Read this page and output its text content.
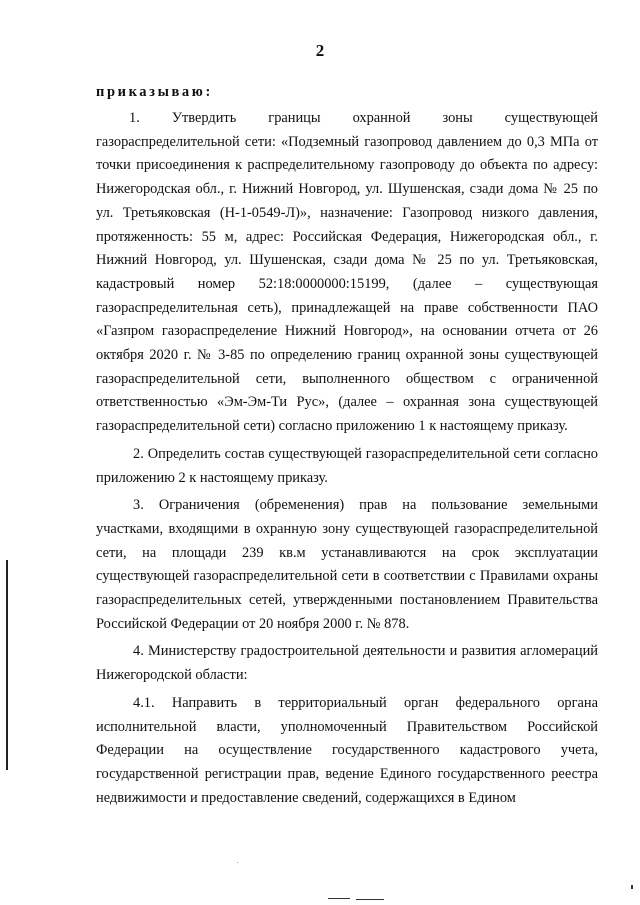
2
приказываю:

1. Утвердить границы охранной зоны существующей газораспределительной сети: «Подземный газопровод давлением до 0,3 МПа от точки присоединения к распределительному газопроводу до объекта по адресу: Нижегородская обл., г. Нижний Новгород, ул. Шушенская, сзади дома № 25 по ул. Третьяковская (Н-1-0549-Л)», назначение: Газопровод низкого давления, протяженность: 55 м, адрес: Российская Федерация, Нижегородская обл., г. Нижний Новгород, ул. Шушенская, сзади дома № 25 по ул. Третьяковская, кадастровый номер 52:18:0000000:15199, (далее – существующая газораспределительная сеть), принадлежащей на праве собственности ПАО «Газпром газораспределение Нижний Новгород», на основании отчета от 26 октября 2020 г. № 3-85 по определению границ охранной зоны существующей газораспределительной сети, выполненного обществом с ограниченной ответственностью «Эм-Эм-Ти Рус», (далее – охранная зона существующей газораспределительной сети) согласно приложению 1 к настоящему приказу.

2. Определить состав существующей газораспределительной сети согласно приложению 2 к настоящему приказу.

3. Ограничения (обременения) прав на пользование земельными участками, входящими в охранную зону существующей газораспределительной сети, на площади 239 кв.м устанавливаются на срок эксплуатации существующей газораспределительной сети в соответствии с Правилами охраны газораспределительных сетей, утвержденными постановлением Правительства Российской Федерации от 20 ноября 2000 г. № 878.

4. Министерству градостроительной деятельности и развития агломераций Нижегородской области:

4.1. Направить в территориальный орган федерального органа исполнительной власти, уполномоченный Правительством Российской Федерации на осуществление государственного кадастрового учета, государственной регистрации прав, ведение Единого государственного реестра недвижимости и предоставление сведений, содержащихся в Едином
